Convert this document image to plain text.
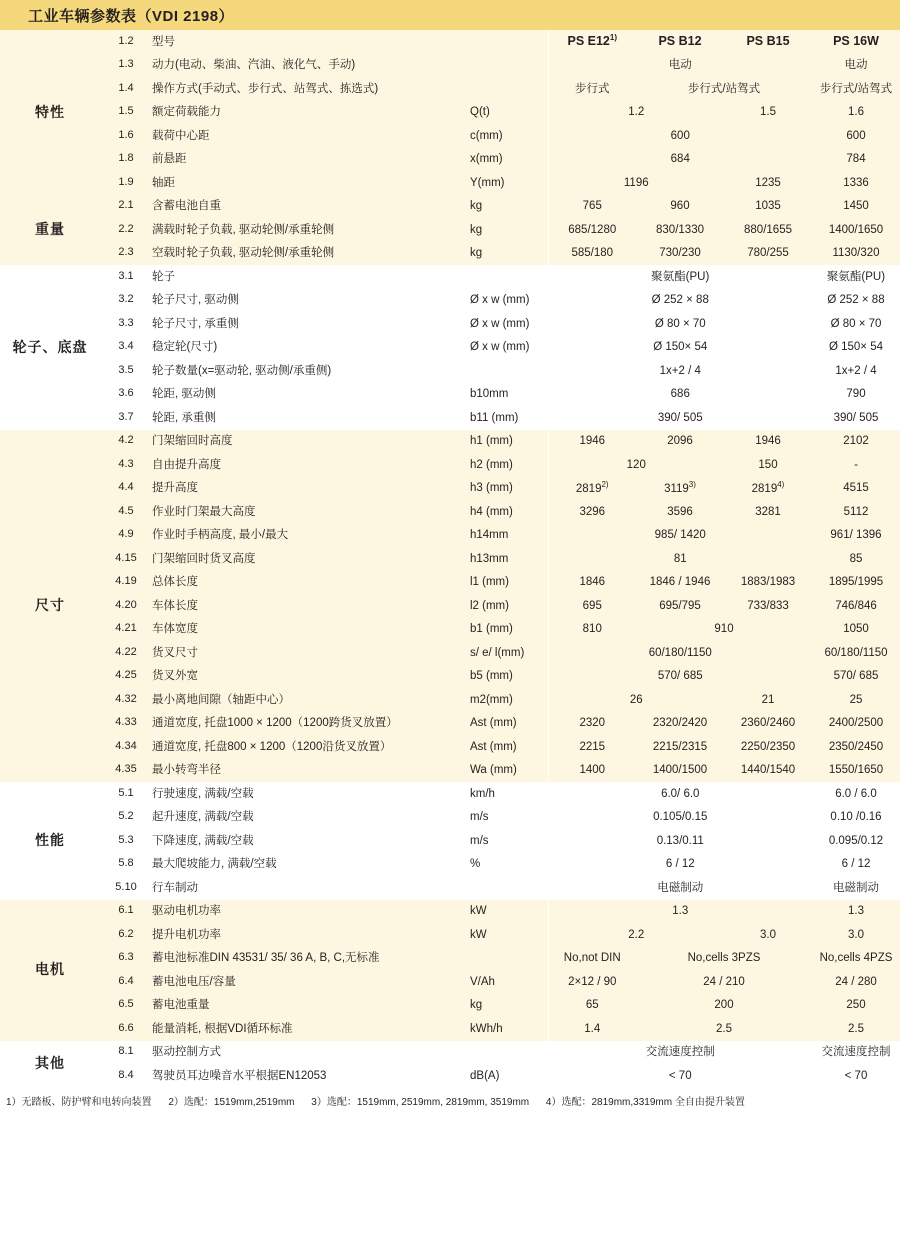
工业车辆参数表（VDI 2198）
特性	1.2	型号		PS E12$^{1)}$	PS B12	PS B15	PS 16W
	1.3	动力(电动、柴油、汽油、液化气、手动)		电动			电动
	1.4	操作方式(手动式、步行式、站驾式、拣选式)		步行式	步行式/站驾式		步行式/站驾式
	1.5	额定荷载能力	Q(t)	1.2		1.5	1.6
	1.6	载荷中心距	c(mm)	600			600
	1.8	前悬距	x(mm)	684			784
	1.9	轴距	Y(mm)	1196		1235	1336
重量	2.1	含蓄电池自重	kg	765	960	1035	1450
	2.2	满载时轮子负载, 驱动轮侧/承重轮侧	kg	685/1280	830/1330	880/1655	1400/1650
	2.3	空载时轮子负载, 驱动轮侧/承重轮侧	kg	585/180	730/230	780/255	1130/320
轮子、底盘	3.1	轮子		聚氨酯(PU)			聚氨酯(PU)
	3.2	轮子尺寸, 驱动侧	Ø x w (mm)	Ø 252 × 88			Ø 252 × 88
	3.3	轮子尺寸, 承重侧	Ø x w (mm)	Ø 80 × 70			Ø 80 × 70
	3.4	稳定轮(尺寸)	Ø x w (mm)	Ø 150× 54			Ø 150× 54
	3.5	轮子数量(x=驱动轮, 驱动侧/承重侧)		1x+2 / 4			1x+2 / 4
	3.6	轮距, 驱动侧	b10mm	686			790
	3.7	轮距, 承重侧	b11 (mm)	390/ 505			390/ 505
尺寸	4.2	门架缩回时高度	h1 (mm)	1946	2096	1946	2102
	4.3	自由提升高度	h2 (mm)	120		150	-
	4.4	提升高度	h3 (mm)	2819$^{2)}$	3119$^{3)}$	2819$^{4)}$	4515
	4.5	作业时门架最大高度	h4 (mm)	3296	3596	3281	5112
	4.9	作业时手柄高度, 最小/最大	h14mm	985/ 1420			961/ 1396
	4.15	门架缩回时货叉高度	h13mm	81			85
	4.19	总体长度	l1 (mm)	1846	1846 / 1946	1883/1983	1895/1995
	4.20	车体长度	l2 (mm)	695	695/795	733/833	746/846
	4.21	车体宽度	b1 (mm)	810	910		1050
	4.22	货叉尺寸	s/ e/ l(mm)	60/180/1150			60/180/1150
	4.25	货叉外宽	b5 (mm)	570/ 685			570/ 685
	4.32	最小离地间隙（轴距中心）	m2(mm)	26		21	25
	4.33	通道宽度, 托盘1000 × 1200（1200跨货叉放置）	Ast (mm)	2320	2320/2420	2360/2460	2400/2500
	4.34	通道宽度, 托盘800 × 1200（1200沿货叉放置）	Ast (mm)	2215	2215/2315	2250/2350	2350/2450
	4.35	最小转弯半径	Wa (mm)	1400	1400/1500	1440/1540	1550/1650
性能	5.1	行驶速度, 满载/空载	km/h	6.0/ 6.0			6.0 / 6.0
	5.2	起升速度, 满载/空载	m/s	0.105/0.15			0.10 /0.16
	5.3	下降速度, 满载/空载	m/s	0.13/0.11			0.095/0.12
	5.8	最大爬坡能力, 满载/空载	%	6 / 12			6 / 12
	5.10	行车制动		电磁制动			电磁制动
电机	6.1	驱动电机功率	kW	1.3			1.3
	6.2	提升电机功率	kW	2.2		3.0	3.0
	6.3	蓄电池标准DIN 43531/ 35/ 36 A, B, C,无标准		No,not DIN	No,cells 3PZS		No,cells 4PZS
	6.4	蓄电池电压/容量	V/Ah	2×12 / 90	24 / 210		24 / 280
	6.5	蓄电池重量	kg	65	200		250
	6.6	能量消耗, 根据VDI循环标准	kWh/h	1.4	2.5		2.5
其他	8.1	驱动控制方式		交流速度控制			交流速度控制
	8.4	驾驶员耳边噪音水平根据EN12053	dB(A)	< 70			< 70
1）无踏板、防护臂和电转向装置 2）选配：1519mm,2519mm 3）选配：1519mm, 2519mm, 2819mm, 3519mm 4）选配：2819mm,3319mm 全自由提升装置
